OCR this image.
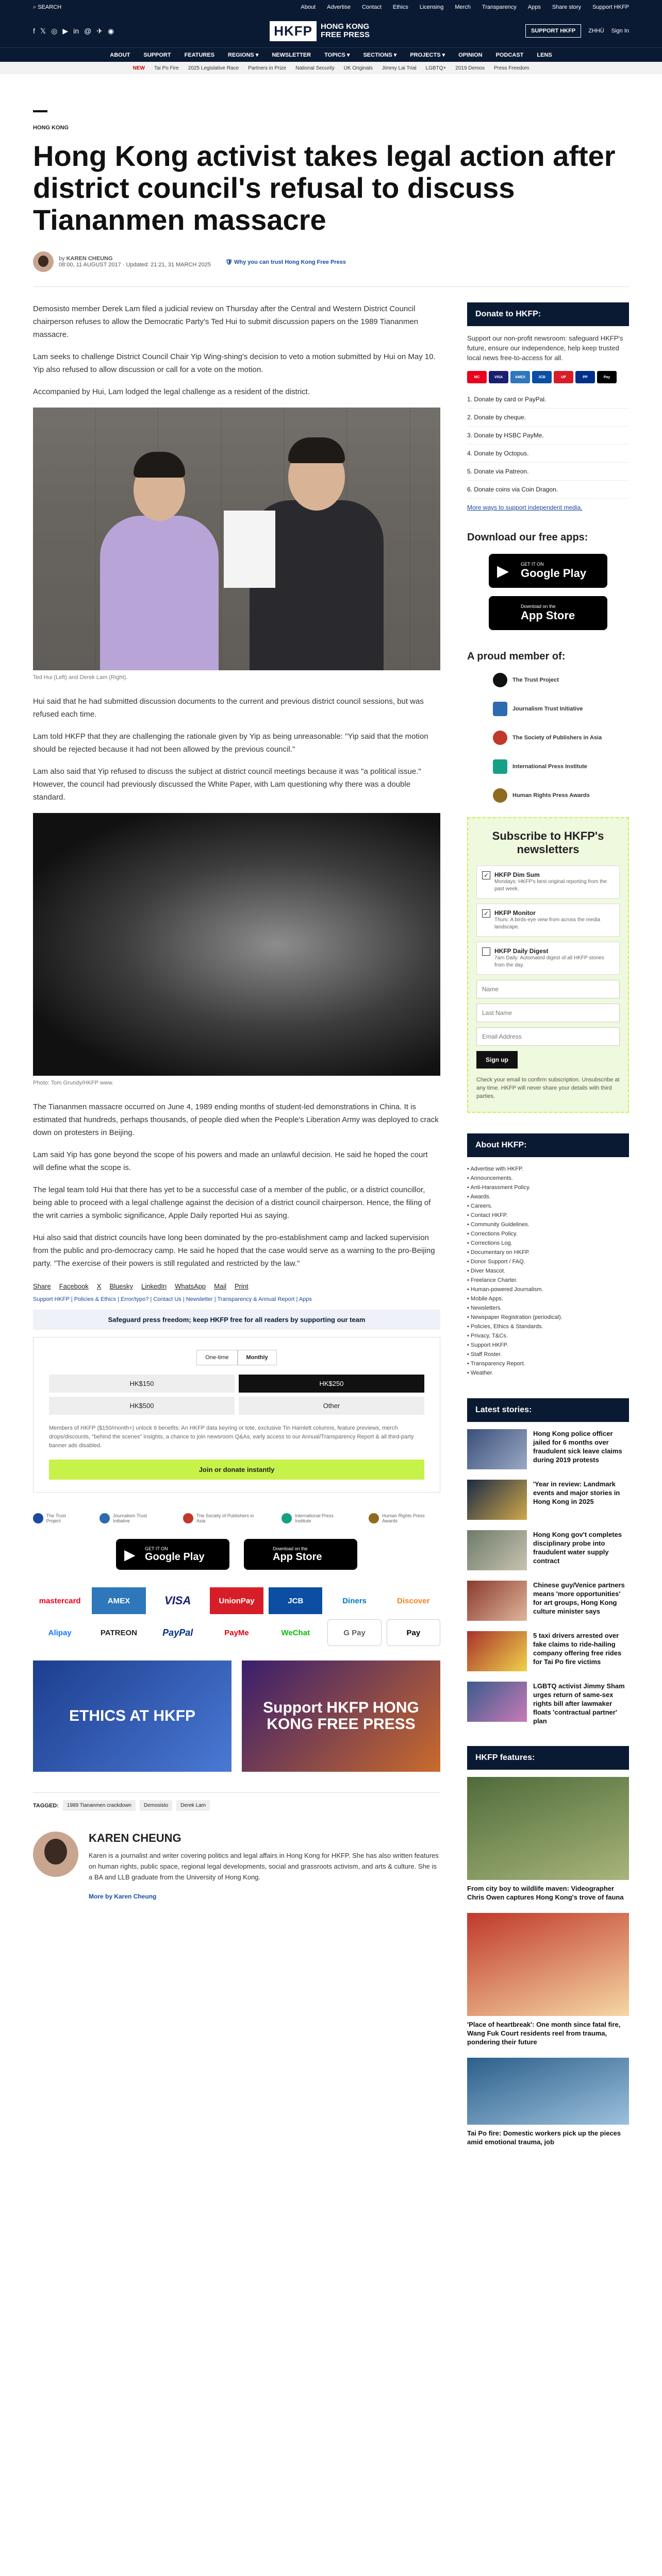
⌕ SEARCH	About Advertise Contact Ethics Licensing Merch Transparency Apps Share story Support HKFP
f 𝕏 ◎ ▶ in @ ✈ ◉	HKFP	HONG KONG
FREE PRESS	SUPPORT HKFP	ZHHÜ Sign In
ABOUT SUPPORT FEATURES REGIONS ▾ NEWSLETTER TOPICS ▾ SECTIONS ▾ PROJECTS ▾ OPINION PODCAST LENS
NEW Tai Po Fire 2025 Legislative Race Partners in Prize National Security UK Originals Jimmy Lai Trial LGBTQ+ 2019 Demos Press Freedom
HONG KONG
Hong Kong activist takes legal action after district council's refusal to discuss Tiananmen massacre
by KAREN CHEUNG
08:00, 11 AUGUST 2017 · Updated: 21:21, 31 MARCH 2025	🛡 Why you can trust Hong Kong Free Press

Demosisto member Derek Lam filed a judicial review on Thursday after the Central and Western District Council chairperson refuses to allow the Democratic Party's Ted Hui to submit discussion papers on the 1989 Tiananmen massacre.

Lam seeks to challenge District Council Chair Yip Wing-shing's decision to veto a motion submitted by Hui on May 10. Yip also refused to allow discussion or call for a vote on the motion.

Accompanied by Hui, Lam lodged the legal challenge as a resident of the district.

Ted Hui (Left) and Derek Lam (Right).

Hui said that he had submitted discussion documents to the current and previous district council sessions, but was refused each time.

Lam told HKFP that they are challenging the rationale given by Yip as being unreasonable: "Yip said that the motion should be rejected because it had not been allowed by the previous council."

Lam also said that Yip refused to discuss the subject at district council meetings because it was "a political issue." However, the council had previously discussed the White Paper, with Lam questioning why there was a double standard.

Photo: Tom Grundy/HKFP www.

The Tiananmen massacre occurred on June 4, 1989 ending months of student-led demonstrations in China. It is estimated that hundreds, perhaps thousands, of people died when the People's Liberation Army was deployed to crack down on protesters in Beijing.

Lam said Yip has gone beyond the scope of his powers and made an unlawful decision. He said he hoped the court will define what the scope is.

The legal team told Hui that there has yet to be a successful case of a member of the public, or a district councillor, being able to proceed with a legal challenge against the decision of a district council chairperson. Hence, the filing of the writ carries a symbolic significance, Apple Daily reported Hui as saying.

Hui also said that district councils have long been dominated by the pro-establishment camp and lacked supervision from the public and pro-democracy camp. He said he hoped that the case would serve as a warning to the pro-Beijing party. "The exercise of their powers is still regulated and restricted by the law."

Share Facebook X Bluesky LinkedIn WhatsApp Mail Print
Support HKFP | Policies & Ethics | Error/typo? | Contact Us | Newsletter | Transparency & Annual Report | Apps
Safeguard press freedom; keep HKFP free for all readers by supporting our team
One-time	Monthly
HK$150	HK$250
HK$500	Other
Members of HKFP ($150/month+) unlock 6 benefits: An HKFP data keyring or tote, exclusive Tin Hamlett columns, feature previews, merch drops/discounts, "behind the scenes" insights, a chance to join newsroom Q&As, early access to our Annual/Transparency Report & all third-party banner ads disabled.
Join or donate instantly
The Trust Project
Journalism Trust Initiative
The Society of Publishers in Asia
International Press Institute
Human Rights Press Awards
▶ GET IT ON
Google Play
Download on the
App Store
mastercard	AMEX	VISA	UnionPay	JCB	Diners	Discover
Alipay	PATREON	PayPal	PayMe	WeChat	G Pay	Pay
ETHICS AT HKFP	Support HKFP HONG KONG FREE PRESS
TAGGED:	1989 Tiananmen crackdown	Demosisto	Derek Lam
KAREN CHEUNG

Karen is a journalist and writer covering politics and legal affairs in Hong Kong for HKFP. She has also written features on human rights, public space, regional legal developments, social and grassroots activism, and arts & culture. She is a BA and LLB graduate from the University of Hong Kong.

More by Karen Cheung
Donate to HKFP:

Support our non-profit newsroom: safeguard HKFP's future, ensure our independence, help keep trusted local news free-to-access for all.

MC	VISA	AMEX	JCB	UP	PP	Pay
1. Donate by card or PayPal.
2. Donate by cheque.
3. Donate by HSBC PayMe.
4. Donate by Octopus.
5. Donate via Patreon.
6. Donate coins via Coin Dragon.
More ways to support independent media.
Download our free apps:
▶	GET IT ON
Google Play
Download on the
App Store
A proud member of:
The Trust Project
Journalism Trust Initiative
The Society of Publishers in Asia
International Press Institute
Human Rights Press Awards
Subscribe to HKFP's newsletters
✓ HKFP Dim Sum
Mondays: HKFP's best original reporting from the past week.
✓ HKFP Monitor
Thurs: A birds-eye view from across the media landscape.
HKFP Daily Digest
7am Daily: Automated digest of all HKFP stories from the day.
Name Last Name Email Address Sign up
Check your email to confirm subscription. Unsubscribe at any time. HKFP will never share your details with third parties.
About HKFP:
• Advertise with HKFP.
• Announcements.
• Anti-Harassment Policy.
• Awards.
• Careers.
• Contact HKFP.
• Community Guidelines.
• Corrections Policy.
• Corrections Log.
• Documentary on HKFP.
• Donor Support / FAQ.
• Diver Mascot.
• Freelance Charter.
• Human-powered Journalism.
• Mobile Apps.
• Newsletters.
• Newspaper Registration (periodical).
• Policies, Ethics & Standards.
• Privacy, T&Cs.
• Support HKFP.
• Staff Roster.
• Transparency Report.
• Weather.
Latest stories:
Hong Kong police officer jailed for 6 months over fraudulent sick leave claims during 2019 protests
'Year in review: Landmark events and major stories in Hong Kong in 2025
Hong Kong gov't completes disciplinary probe into fraudulent water supply contract
Chinese guy/Venice partners means 'more opportunities' for art groups, Hong Kong culture minister says
5 taxi drivers arrested over fake claims to ride-hailing company offering free rides for Tai Po fire victims
LGBTQ activist Jimmy Sham urges return of same-sex rights bill after lawmaker floats 'contractual partner' plan
HKFP features:
From city boy to wildlife maven: Videographer Chris Owen captures Hong Kong's trove of fauna
'Place of heartbreak': One month since fatal fire, Wang Fuk Court residents reel from trauma, pondering their future
Tai Po fire: Domestic workers pick up the pieces amid emotional trauma, job
